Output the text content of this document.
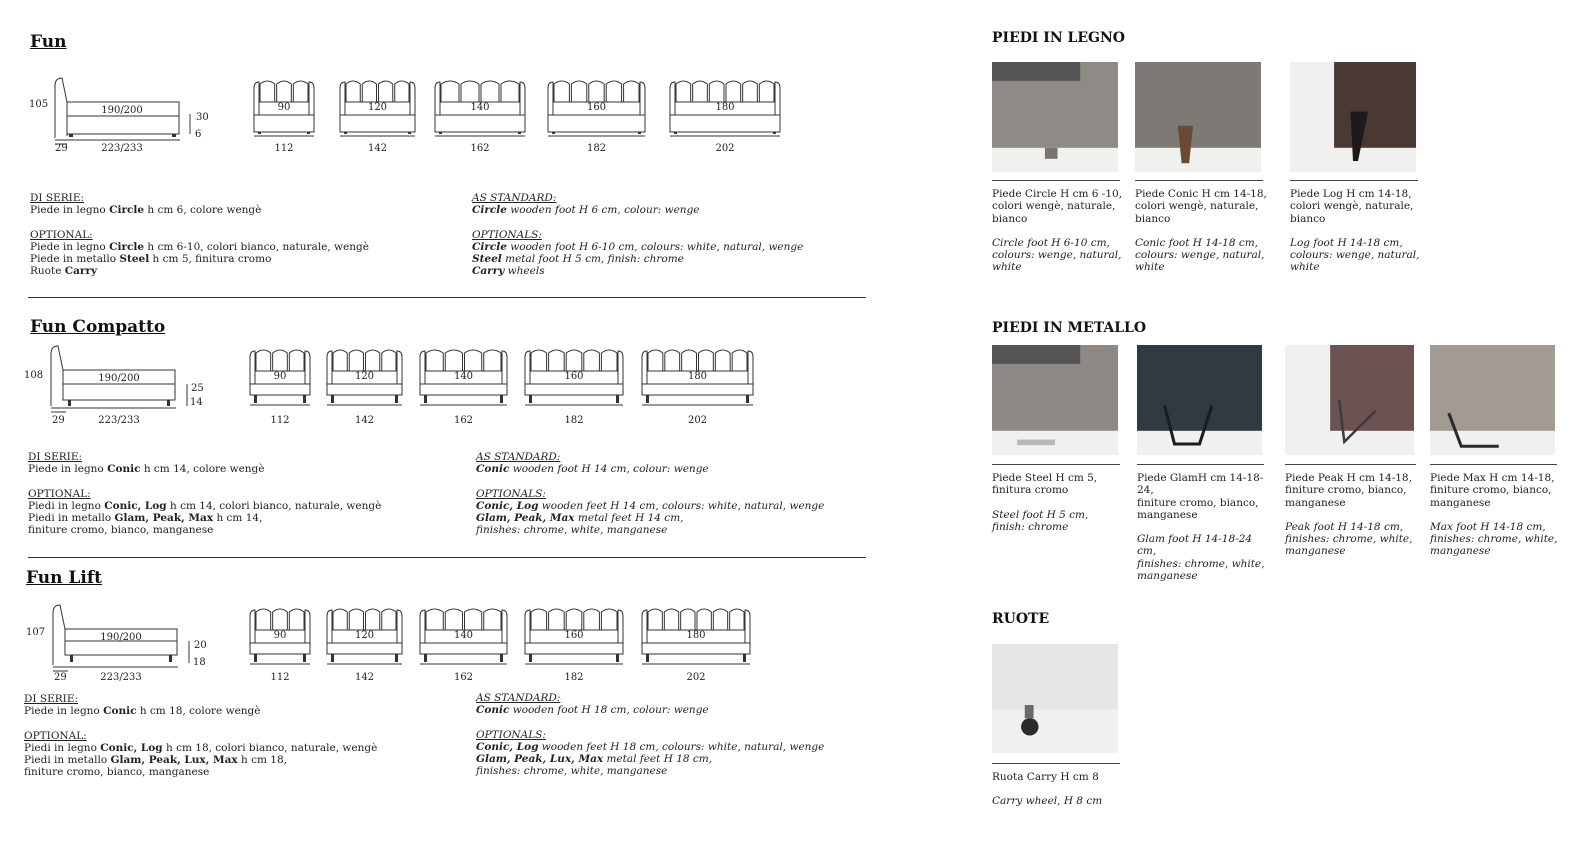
Fun
105
190/200
30
6
29	223/233
90
112
120
142
140
162
160
182
180
202
DI SERIE:
Piede in legno Circle h cm 6, colore wengè
OPTIONAL:
Piede in legno Circle h cm 6-10, colori bianco, naturale, wengè
Piede in metallo Steel h cm 5, finitura cromo
Ruote Carry
AS STANDARD:
Circle wooden foot H 6 cm, colour: wenge
OPTIONALS:
Circle wooden foot H 6-10 cm, colours: white, natural, wenge
Steel metal foot H 5 cm, finish: chrome
Carry wheels
Fun Compatto
108	190/200
25
14
29	223/233
90
112
120
142
140
162
160
182
180
202
DI SERIE:
Piede in legno Conic h cm 14, colore wengè
OPTIONAL:
Piedi in legno Conic, Log h cm 14, colori bianco, naturale, wengè
Piedi in metallo Glam, Peak, Max h cm 14,
finiture cromo, bianco, manganese
AS STANDARD:
Conic wooden foot H 14 cm, colour: wenge
OPTIONALS:
Conic, Log wooden feet H 14 cm, colours: white, natural, wenge
Glam, Peak, Max metal feet H 14 cm,
finishes: chrome, white, manganese
Fun Lift
107	190/200
20
18
29	223/233
90
112
120
142
140
162
160
182
180
202
DI SERIE:
Piede in legno Conic h cm 18, colore wengè
OPTIONAL:
Piedi in legno Conic, Log h cm 18, colori bianco, naturale, wengè
Piedi in metallo Glam, Peak, Lux, Max h cm 18,
finiture cromo, bianco, manganese
AS STANDARD:
Conic wooden foot H 18 cm, colour: wenge
OPTIONALS:
Conic, Log wooden feet H 18 cm, colours: white, natural, wenge
Glam, Peak, Lux, Max metal feet H 18 cm,
finishes: chrome, white, manganese
PIEDI IN LEGNO
Piede Circle H cm 6 -10,
colori wengè, naturale,
bianco
Circle foot H 6-10 cm,
colours: wenge, natural,
white
Piede Conic H cm 14-18,
colori wengè, naturale,
bianco
Conic foot H 14-18 cm,
colours: wenge, natural,
white
Piede Log H cm 14-18,
colori wengè, naturale,
bianco
Log foot H 14-18 cm,
colours: wenge, natural,
white
PIEDI IN METALLO
Piede Steel H cm 5,
finitura cromo
Steel foot H 5 cm,
finish: chrome
Piede GlamH cm 14-18-24,
finiture cromo, bianco,
manganese
Glam foot H 14-18-24 cm,
finishes: chrome, white,
manganese
Piede Peak H cm 14-18,
finiture cromo, bianco,
manganese
Peak foot H 14-18 cm,
finishes: chrome, white,
manganese
Piede Max H cm 14-18,
finiture cromo, bianco,
manganese
Max foot H 14-18 cm,
finishes: chrome, white,
manganese
RUOTE
Ruota Carry H cm 8
Carry wheel, H 8 cm
